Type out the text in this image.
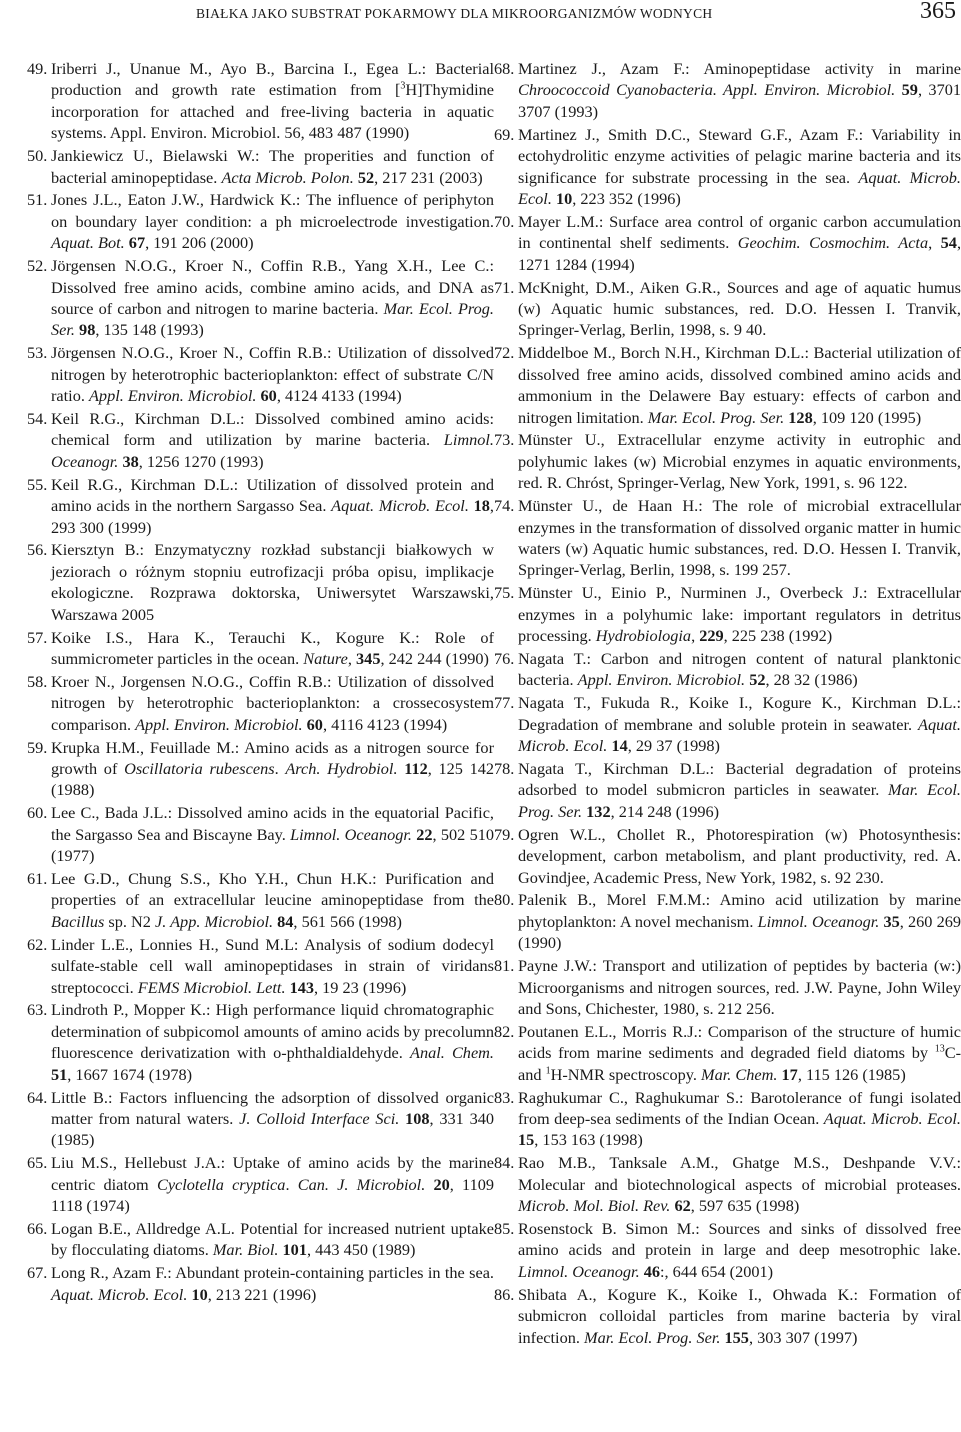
BIAŁKA JAKO SUBSTRAT POKARMOWY DLA MIKROORGANIZMÓW WODNYCH	365
49. Iriberri J., Unanue M., Ayo B., Barcina I., Egea L.: Bacterial production and growth rate estimation from [$^3$H]Thymidine incorporation for attached and free-living bacteria in aquatic systems. Appl. Environ. Microbiol. 56, 483 487 (1990)
50. Jankiewicz U., Bielawski W.: The properities and function of bacterial aminopeptidase. Acta Microb. Polon. 52, 217 231 (2003)
51. Jones J.L., Eaton J.W., Hardwick K.: The influence of periphyton on boundary layer condition: a ph microelectrode investigation. Aquat. Bot. 67, 191 206 (2000)
52. Jörgensen N.O.G., Kroer N., Coffin R.B., Yang X.H., Lee C.: Dissolved free amino acids, combine amino acids, and DNA as source of carbon and nitrogen to marine bacteria. Mar. Ecol. Prog. Ser. 98, 135 148 (1993)
53. Jörgensen N.O.G., Kroer N., Coffin R.B.: Utilization of dissolved nitrogen by heterotrophic bacterioplankton: effect of substrate C/N ratio. Appl. Environ. Microbiol. 60, 4124 4133 (1994)
54. Keil R.G., Kirchman D.L.: Dissolved combined amino acids: chemical form and utilization by marine bacteria. Limnol. Oceanogr. 38, 1256 1270 (1993)
55. Keil R.G., Kirchman D.L.: Utilization of dissolved protein and amino acids in the northern Sargasso Sea. Aquat. Microb. Ecol. 18, 293 300 (1999)
56. Kiersztyn B.: Enzymatyczny rozkład substancji białkowych w jeziorach o różnym stopniu eutrofizacji próba opisu, implikacje ekologiczne. Rozprawa doktorska, Uniwersytet Warszawski, Warszawa 2005
57. Koike I.S., Hara K., Terauchi K., Kogure K.: Role of summicrometer particles in the ocean. Nature, 345, 242 244 (1990)
58. Kroer N., Jorgensen N.O.G., Coffin R.B.: Utilization of dissolved nitrogen by heterotrophic bacterioplankton: a crossecosystem comparison. Appl. Environ. Microbiol. 60, 4116 4123 (1994)
59. Krupka H.M., Feuillade M.: Amino acids as a nitrogen source for growth of Oscillatoria rubescens. Arch. Hydrobiol. 112, 125 142 (1988)
60. Lee C., Bada J.L.: Dissolved amino acids in the equatorial Pacific, the Sargasso Sea and Biscayne Bay. Limnol. Oceanogr. 22, 502 510 (1977)
61. Lee G.D., Chung S.S., Kho Y.H., Chun H.K.: Purification and properties of an extracellular leucine aminopeptidase from the Bacillus sp. N2 J. App. Microbiol. 84, 561 566 (1998)
62. Linder L.E., Lonnies H., Sund M.L: Analysis of sodium dodecyl sulfate-stable cell wall aminopeptidases in strain of viridans streptococci. FEMS Microbiol. Lett. 143, 19 23 (1996)
63. Lindroth P., Mopper K.: High performance liquid chromatographic determination of subpicomol amounts of amino acids by precolumn fluorescence derivatization with o-phthaldialdehyde. Anal. Chem. 51, 1667 1674 (1978)
64. Little B.: Factors influencing the adsorption of dissolved organic matter from natural waters. J. Colloid Interface Sci. 108, 331 340 (1985)
65. Liu M.S., Hellebust J.A.: Uptake of amino acids by the marine centric diatom Cyclotella cryptica. Can. J. Microbiol. 20, 1109 1118 (1974)
66. Logan B.E., Alldredge A.L. Potential for increased nutrient uptake by flocculating diatoms. Mar. Biol. 101, 443 450 (1989)
67. Long R., Azam F.: Abundant protein-containing particles in the sea. Aquat. Microb. Ecol. 10, 213 221 (1996)
68. Martinez J., Azam F.: Aminopeptidase activity in marine Chroococcoid Cyanobacteria. Appl. Environ. Microbiol. 59, 3701 3707 (1993)
69. Martinez J., Smith D.C., Steward G.F., Azam F.: Variability in ectohydrolitic enzyme activities of pelagic marine bacteria and its significance for substrate processing in the sea. Aquat. Microb. Ecol. 10, 223 352 (1996)
70. Mayer L.M.: Surface area control of organic carbon accumulation in continental shelf sediments. Geochim. Cosmochim. Acta, 54, 1271 1284 (1994)
71. McKnight, D.M., Aiken G.R., Sources and age of aquatic humus (w) Aquatic humic substances, red. D.O. Hessen I. Tranvik, Springer-Verlag, Berlin, 1998, s. 9 40.
72. Middelboe M., Borch N.H., Kirchman D.L.: Bacterial utilization of dissolved free amino acids, dissolved combined amino acids and ammonium in the Delawere Bay estuary: effects of carbon and nitrogen limitation. Mar. Ecol. Prog. Ser. 128, 109 120 (1995)
73. Münster U., Extracellular enzyme activity in eutrophic and polyhumic lakes (w) Microbial enzymes in aquatic environments, red. R. Chróst, Springer-Verlag, New York, 1991, s. 96 122.
74. Münster U., de Haan H.: The role of microbial extracellular enzymes in the transformation of dissolved organic matter in humic waters (w) Aquatic humic substances, red. D.O. Hessen I. Tranvik, Springer-Verlag, Berlin, 1998, s. 199 257.
75. Münster U., Einio P., Nurminen J., Overbeck J.: Extracellular enzymes in a polyhumic lake: important regulators in detritus processing. Hydrobiologia, 229, 225 238 (1992)
76. Nagata T.: Carbon and nitrogen content of natural planktonic bacteria. Appl. Environ. Microbiol. 52, 28 32 (1986)
77. Nagata T., Fukuda R., Koike I., Kogure K., Kirchman D.L.: Degradation of membrane and soluble protein in seawater. Aquat. Microb. Ecol. 14, 29 37 (1998)
78. Nagata T., Kirchman D.L.: Bacterial degradation of proteins adsorbed to model submicron particles in seawater. Mar. Ecol. Prog. Ser. 132, 214 248 (1996)
79. Ogren W.L., Chollet R., Photorespiration (w) Photosynthesis: development, carbon metabolism, and plant productivity, red. A. Govindjee, Academic Press, New York, 1982, s. 92 230.
80. Palenik B., Morel F.M.M.: Amino acid utilization by marine phytoplankton: A novel mechanism. Limnol. Oceanogr. 35, 260 269 (1990)
81. Payne J.W.: Transport and utilization of peptides by bacteria (w:) Microorganisms and nitrogen sources, red. J.W. Payne, John Wiley and Sons, Chichester, 1980, s. 212 256.
82. Poutanen E.L., Morris R.J.: Comparison of the structure of humic acids from marine sediments and degraded field diatoms by $^{13}$C- and $^1$H-NMR spectroscopy. Mar. Chem. 17, 115 126 (1985)
83. Raghukumar C., Raghukumar S.: Barotolerance of fungi isolated from deep-sea sediments of the Indian Ocean. Aquat. Microb. Ecol. 15, 153 163 (1998)
84. Rao M.B., Tanksale A.M., Ghatge M.S., Deshpande V.V.: Molecular and biotechnological aspects of microbial proteases. Microb. Mol. Biol. Rev. 62, 597 635 (1998)
85. Rosenstock B. Simon M.: Sources and sinks of dissolved free amino acids and protein in large and deep mesotrophic lake. Limnol. Oceanogr. 46:, 644 654 (2001)
86. Shibata A., Kogure K., Koike I., Ohwada K.: Formation of submicron colloidal particles from marine bacteria by viral infection. Mar. Ecol. Prog. Ser. 155, 303 307 (1997)
